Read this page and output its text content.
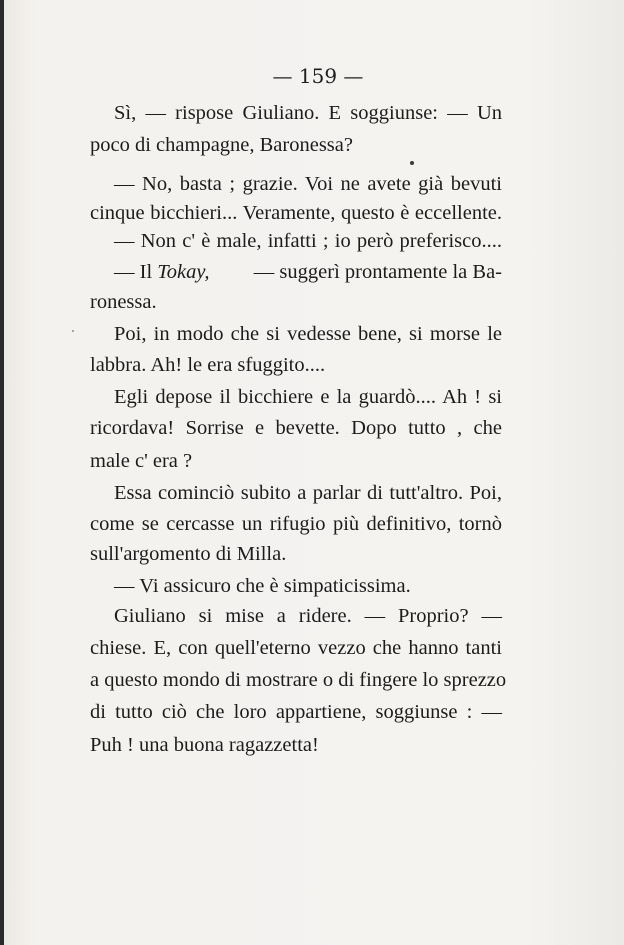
— 159 —
Sì, — rispose Giuliano. E soggiunse: — Un
poco di champagne, Baronessa?
— No, basta ; grazie. Voi ne avete già bevuti
cinque bicchieri... Veramente, questo è eccellente.
— Non c' è male, infatti ; io però preferisco....
— Il Tokay, — suggerì prontamente la Ba-
ronessa.
Poi, in modo che si vedesse bene, si morse le
labbra. Ah! le era sfuggito....
Egli depose il bicchiere e la guardò.... Ah ! si
ricordava! Sorrise e bevette. Dopo tutto , che
male c' era ?
Essa cominciò subito a parlar di tutt'altro. Poi,
come se cercasse un rifugio più definitivo, tornò
sull'argomento di Milla.
— Vi assicuro che è simpaticissima.
Giuliano si mise a ridere. — Proprio? —
chiese. E, con quell'eterno vezzo che hanno tanti
a questo mondo di mostrare o di fingere lo sprezzo
di tutto ciò che loro appartiene, soggiunse : —
Puh ! una buona ragazzetta!
